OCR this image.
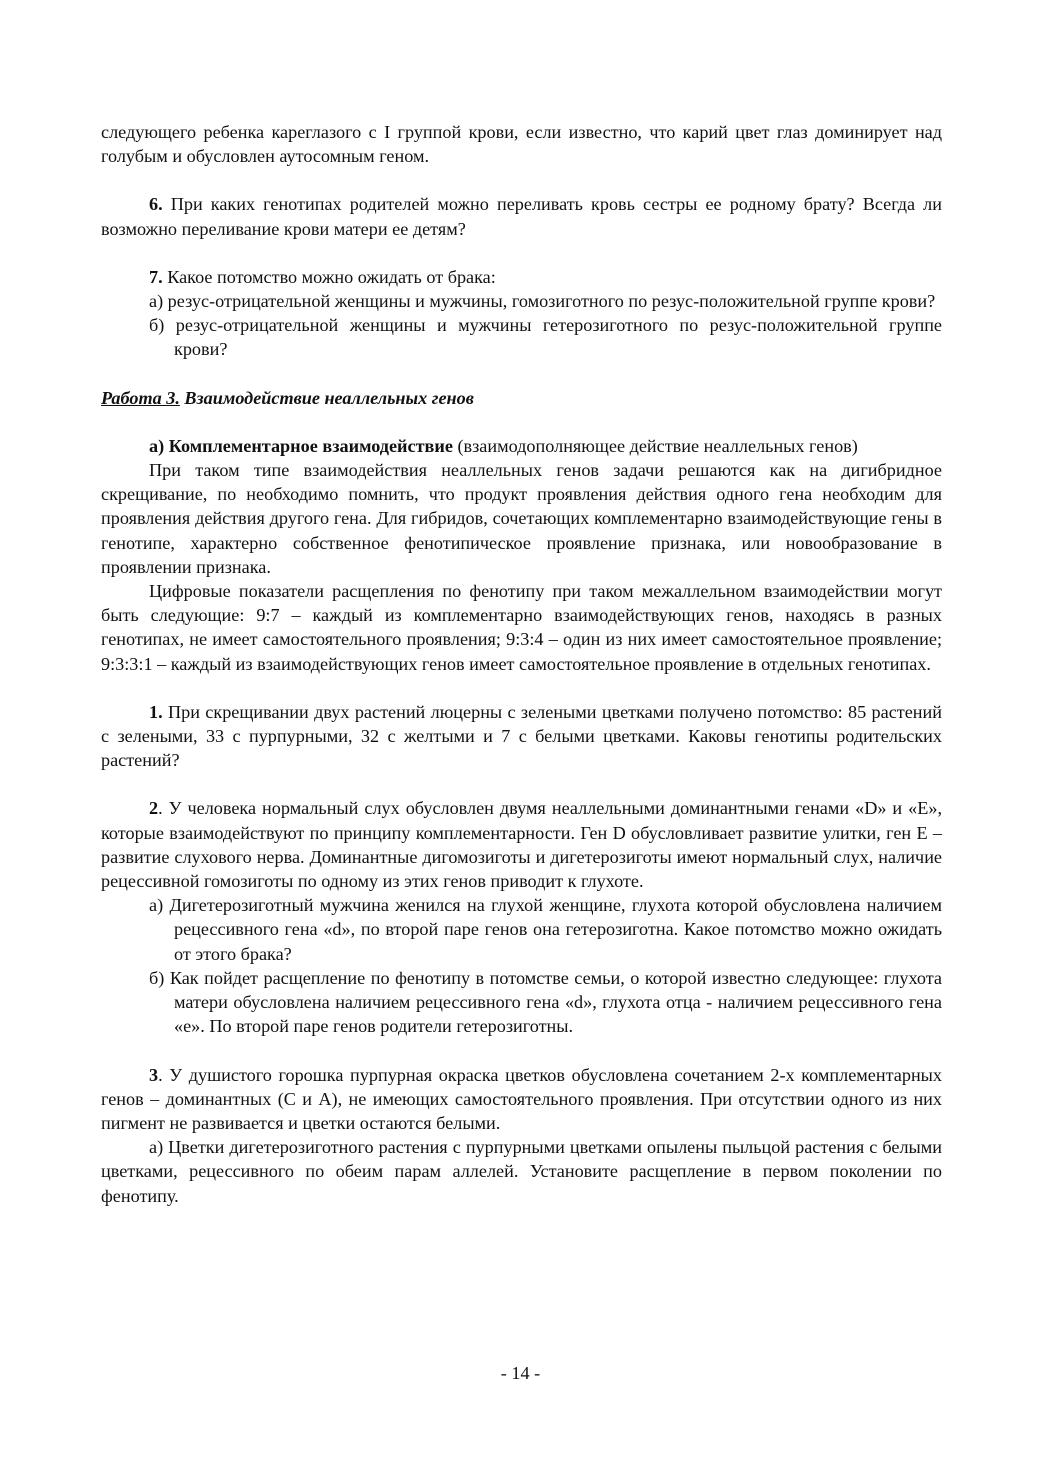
следующего ребенка кареглазого с I группой крови, если известно, что карий цвет глаз доминирует над голубым и обусловлен аутосомным геном.

6. При каких генотипах родителей можно переливать кровь сестры ее родному брату? Всегда ли возможно переливание крови матери ее детям?

7. Какое потомство можно ожидать от брака:

а) резус-отрицательной женщины и мужчины, гомозиготного по резус-положительной группе крови?

б) резус-отрицательной женщины и мужчины гетерозиготного по резус-положительной группе крови?

Работа 3. Взаимодействие неаллельных генов

а) Комплементарное взаимодействие (взаимодополняющее действие неаллельных генов)

При таком типе взаимодействия неаллельных генов задачи решаются как на дигибридное скрещивание, по необходимо помнить, что продукт проявления действия одного гена необходим для проявления действия другого гена. Для гибридов, сочетающих комплементарно взаимодействующие гены в генотипе, характерно собственное фенотипическое проявление признака, или новообразование в проявлении признака.

Цифровые показатели расщепления по фенотипу при таком межаллельном взаимодействии могут быть следующие: 9:7 – каждый из комплементарно взаимодействующих генов, находясь в разных генотипах, не имеет самостоятельного проявления; 9:3:4 – один из них имеет самостоятельное проявление; 9:3:3:1 – каждый из взаимодействующих генов имеет самостоятельное проявление в отдельных генотипах.

1. При скрещивании двух растений люцерны с зелеными цветками получено потомство: 85 растений с зелеными, 33 с пурпурными, 32 с желтыми и 7 с белыми цветками. Каковы генотипы родительских растений?

2. У человека нормальный слух обусловлен двумя неаллельными доминантными генами «D» и «Е», которые взаимодействуют по принципу комплементарности. Ген D обусловливает развитие улитки, ген Е – развитие слухового нерва. Доминантные дигомозиготы и дигетерозиготы имеют нормальный слух, наличие рецессивной гомозиготы по одному из этих генов приводит к глухоте.

а) Дигетерозиготный мужчина женился на глухой женщине, глухота которой обусловлена наличием рецессивного гена «d», по второй паре генов она гетерозиготна. Какое потомство можно ожидать от этого брака?

б) Как пойдет расщепление по фенотипу в потомстве семьи, о которой известно следующее: глухота матери обусловлена наличием рецессивного гена «d», глухота отца - наличием рецессивного гена «е». По второй паре генов родители гетерозиготны.

3. У душистого горошка пурпурная окраска цветков обусловлена сочетанием 2-х комплементарных генов – доминантных (С и А), не имеющих самостоятельного проявления. При отсутствии одного из них пигмент не развивается и цветки остаются белыми.

а) Цветки дигетерозиготного растения с пурпурными цветками опылены пыльцой растения с белыми цветками, рецессивного по обеим парам аллелей. Установите расщепление в первом поколении по фенотипу.

- 14 -
